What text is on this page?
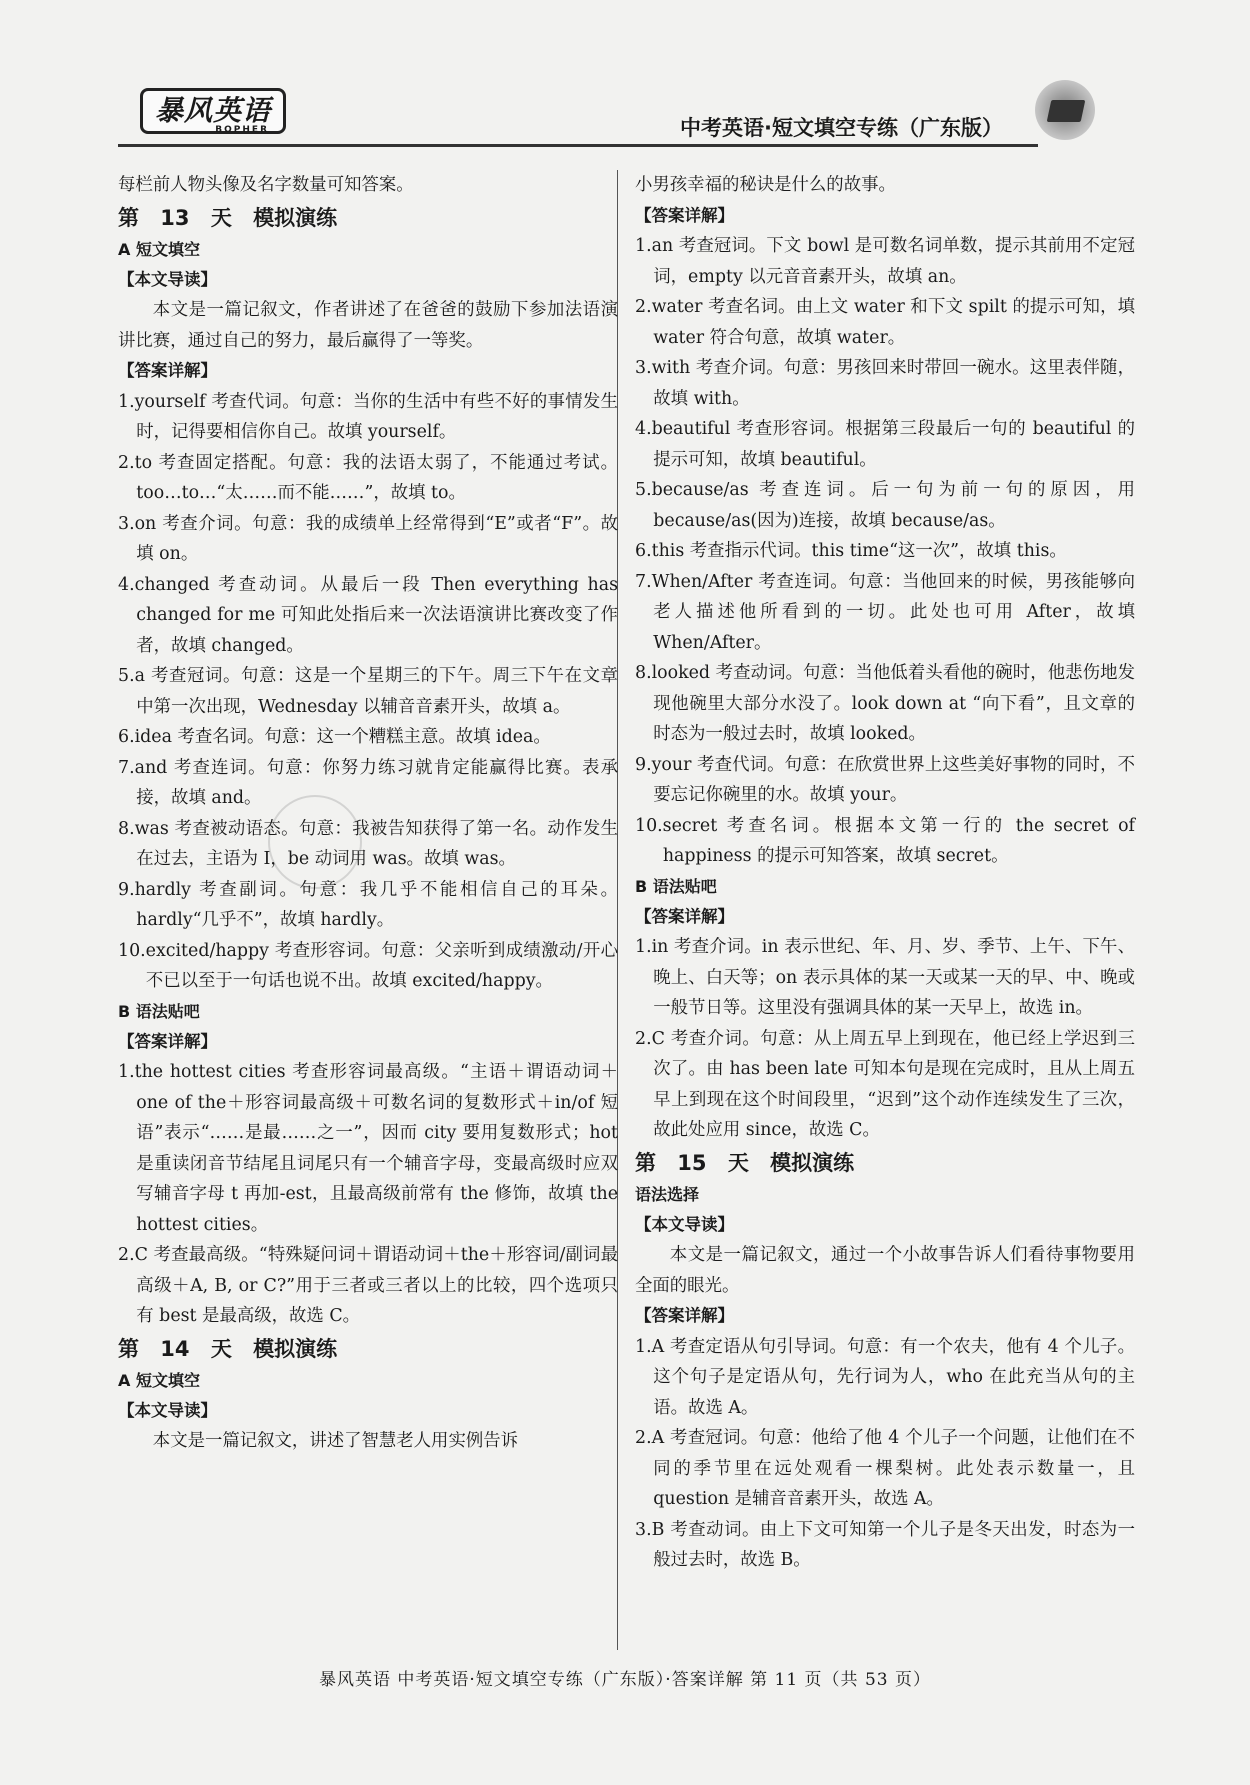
暴风英语
BOPHER	中考英语·短文填空专练（广东版）

每栏前人物头像及名字数量可知答案。

第 13 天 模拟演练

A 短文填空

【本文导读】

本文是一篇记叙文，作者讲述了在爸爸的鼓励下参加法语演讲比赛，通过自己的努力，最后赢得了一等奖。

【答案详解】

1.yourself 考查代词。句意：当你的生活中有些不好的事情发生时，记得要相信你自己。故填 yourself。

2.to 考查固定搭配。句意：我的法语太弱了，不能通过考试。too…to…“太……而不能……”，故填 to。

3.on 考查介词。句意：我的成绩单上经常得到“E”或者“F”。故填 on。

4.changed 考查动词。从最后一段 Then everything has changed for me 可知此处指后来一次法语演讲比赛改变了作者，故填 changed。

5.a 考查冠词。句意：这是一个星期三的下午。周三下午在文章中第一次出现，Wednesday 以辅音音素开头，故填 a。

6.idea 考查名词。句意：这一个糟糕主意。故填 idea。

7.and 考查连词。句意：你努力练习就肯定能赢得比赛。表承接，故填 and。

8.was 考查被动语态。句意：我被告知获得了第一名。动作发生在过去，主语为 I，be 动词用 was。故填 was。

9.hardly 考查副词。句意：我几乎不能相信自己的耳朵。hardly“几乎不”，故填 hardly。

10.excited/happy 考查形容词。句意：父亲听到成绩激动/开心不已以至于一句话也说不出。故填 excited/happy。

B 语法贴吧

【答案详解】

1.the hottest cities 考查形容词最高级。“主语＋谓语动词＋one of the＋形容词最高级＋可数名词的复数形式＋in/of 短语”表示“……是最……之一”，因而 city 要用复数形式；hot 是重读闭音节结尾且词尾只有一个辅音字母，变最高级时应双写辅音字母 t 再加-est，且最高级前常有 the 修饰，故填 the hottest cities。

2.C 考查最高级。“特殊疑问词＋谓语动词＋the＋形容词/副词最高级＋A, B, or C?”用于三者或三者以上的比较，四个选项只有 best 是最高级，故选 C。

第 14 天 模拟演练

A 短文填空

【本文导读】

本文是一篇记叙文，讲述了智慧老人用实例告诉

小男孩幸福的秘诀是什么的故事。

【答案详解】

1.an 考查冠词。下文 bowl 是可数名词单数，提示其前用不定冠词，empty 以元音音素开头，故填 an。

2.water 考查名词。由上文 water 和下文 spilt 的提示可知，填 water 符合句意，故填 water。

3.with 考查介词。句意：男孩回来时带回一碗水。这里表伴随，故填 with。

4.beautiful 考查形容词。根据第三段最后一句的 beautiful 的提示可知，故填 beautiful。

5.because/as 考查连词。后一句为前一句的原因，用 because/as(因为)连接，故填 because/as。

6.this 考查指示代词。this time“这一次”，故填 this。

7.When/After 考查连词。句意：当他回来的时候，男孩能够向老人描述他所看到的一切。此处也可用 After，故填 When/After。

8.looked 考查动词。句意：当他低着头看他的碗时，他悲伤地发现他碗里大部分水没了。look down at “向下看”，且文章的时态为一般过去时，故填 looked。

9.your 考查代词。句意：在欣赏世界上这些美好事物的同时，不要忘记你碗里的水。故填 your。

10.secret 考查名词。根据本文第一行的 the secret of happiness 的提示可知答案，故填 secret。

B 语法贴吧

【答案详解】

1.in 考查介词。in 表示世纪、年、月、岁、季节、上午、下午、晚上、白天等；on 表示具体的某一天或某一天的早、中、晚或一般节日等。这里没有强调具体的某一天早上，故选 in。

2.C 考查介词。句意：从上周五早上到现在，他已经上学迟到三次了。由 has been late 可知本句是现在完成时，且从上周五早上到现在这个时间段里，“迟到”这个动作连续发生了三次，故此处应用 since，故选 C。

第 15 天 模拟演练

语法选择

【本文导读】

本文是一篇记叙文，通过一个小故事告诉人们看待事物要用全面的眼光。

【答案详解】

1.A 考查定语从句引导词。句意：有一个农夫，他有 4 个儿子。这个句子是定语从句，先行词为人，who 在此充当从句的主语。故选 A。

2.A 考查冠词。句意：他给了他 4 个儿子一个问题，让他们在不同的季节里在远处观看一棵梨树。此处表示数量一，且 question 是辅音音素开头，故选 A。

3.B 考查动词。由上下文可知第一个儿子是冬天出发，时态为一般过去时，故选 B。

暴风英语 中考英语·短文填空专练（广东版）·答案详解 第 11 页（共 53 页）
